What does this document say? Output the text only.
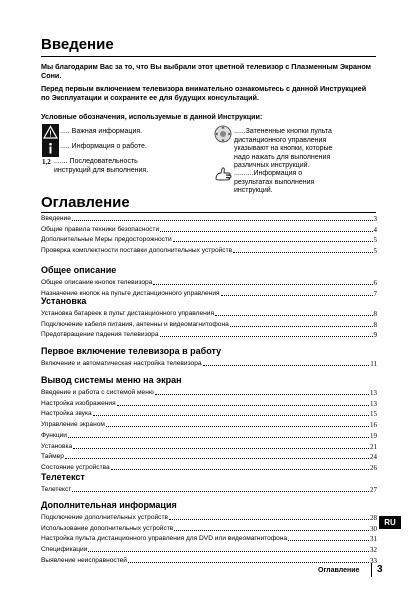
Введение
Мы благодарим Вас за то, что Вы выбрали этот цветной телевизор с Плазменным Экраном Сони.
Перед первым включением телевизора внимательно ознакомьтесь с данной Инструкцией по Эксплуатации и сохраните ее для будущих консультаций.
Условные обозначения, используемые в данной Инструкции:
..... Важная информация.
..... Информация о работе.
1,2 ....... Последовательность инструкций для выполнения.
......Затененные кнопки пульта дистанционного управления указывают на кнопки, которые надо нажать для выполнения различных инструкций.
..........Информация о результатах выполнения инструкций.
Оглавление
Введение	3
Общие правила техники безопасности	4
Дополнительные Меры предосторожности	5
Проверка комплектности поставки дополнительных устройств	5
Общее описание
Общее описание кнопок телевизора	6
Назначение кнопок на пульте дистанционного управления	7
Установка
Установка батареек в пульт дистанционного управления	8
Подключение кабеля питания, антенны и видеомагнитофона	8
Предотвращение падения телевизора	9
Первое включение телевизора в работу
Включение и автоматическая настройка телевизора	11
Вывод системы меню на экран
Введение и работа с системой меню	13
Настройка изображения	13
Настройка звука	15
Управление экраном	16
Функции	19
Установка	21
Таймер	24
Состояние устройства	26
Телетекст
Телетекст	27
Дополнительная информация
Подключение дополнительных устройств	28
Использование дополнительных устройств	30
Настройка пульта дистанционного управления для DVD или видеомагнитофона	31
Спецификации	32
Выявление неисправностей	33
RU
Оглавление 3
